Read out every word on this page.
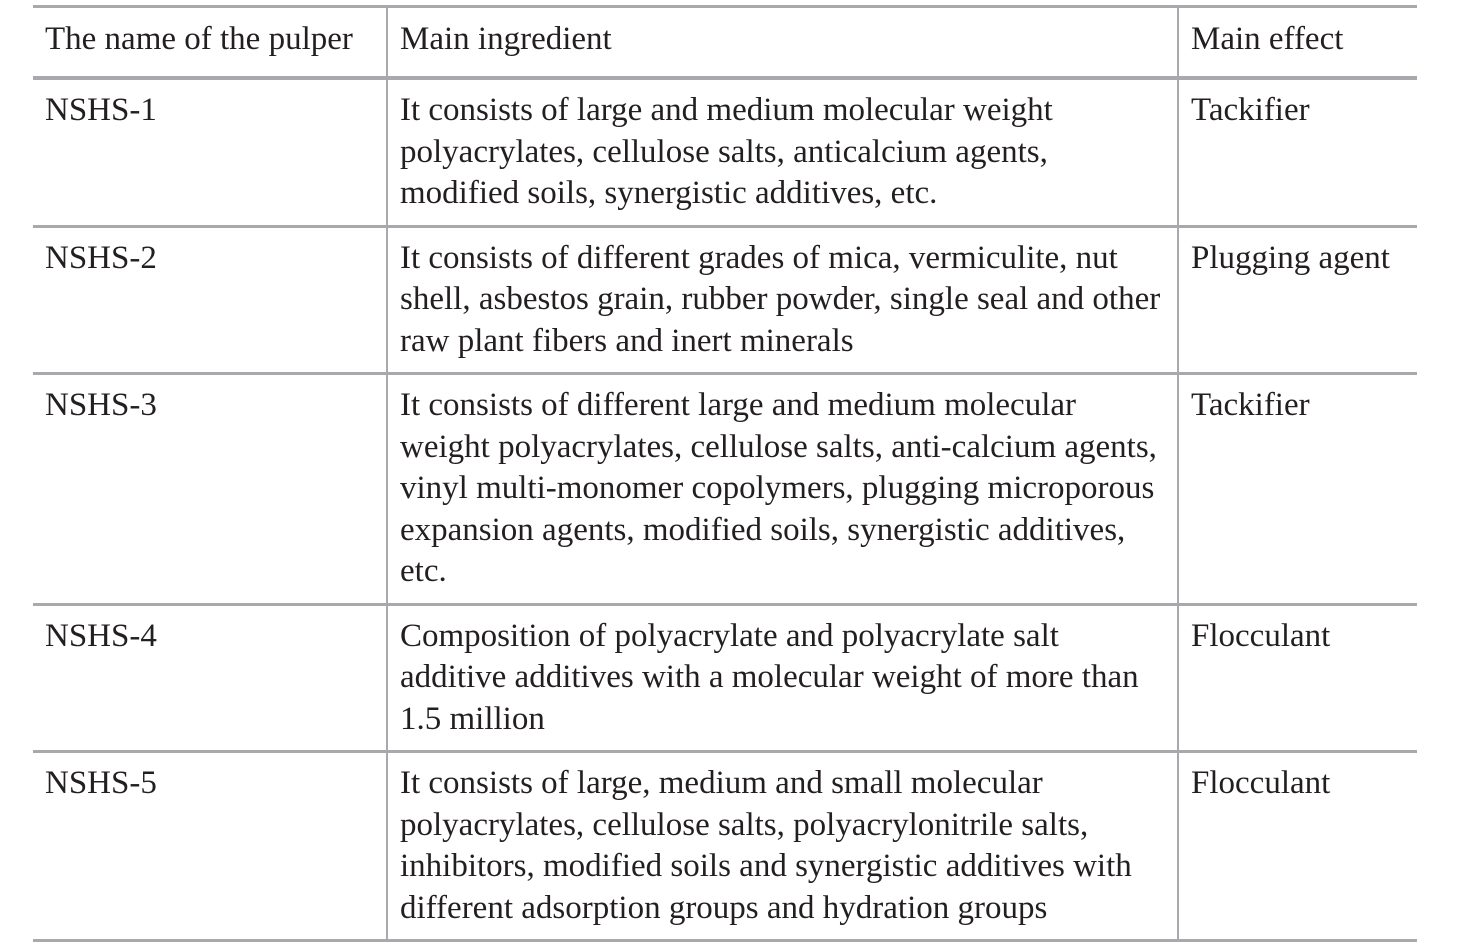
The name of the pulper	Main ingredient	Main effect
NSHS-1	It consists of large and medium molecular weight polyacrylates, cellulose salts, anticalcium agents, modified soils, synergistic additives, etc.	Tackifier
NSHS-2	It consists of different grades of mica, vermiculite, nut shell, asbestos grain, rubber powder, single seal and other raw plant fibers and inert minerals	Plugging agent
NSHS-3	It consists of different large and medium molecular weight polyacrylates, cellulose salts, anti-calcium agents, vinyl multi-monomer copolymers, plugging microporous expansion agents, modified soils, synergistic additives, etc.	Tackifier
NSHS-4	Composition of polyacrylate and polyacrylate salt additive additives with a molecular weight of more than 1.5 million	Flocculant
NSHS-5	It consists of large, medium and small molecular polyacrylates, cellulose salts, polyacrylonitrile salts, inhibitors, modified soils and synergistic additives with different adsorption groups and hydration groups	Flocculant
